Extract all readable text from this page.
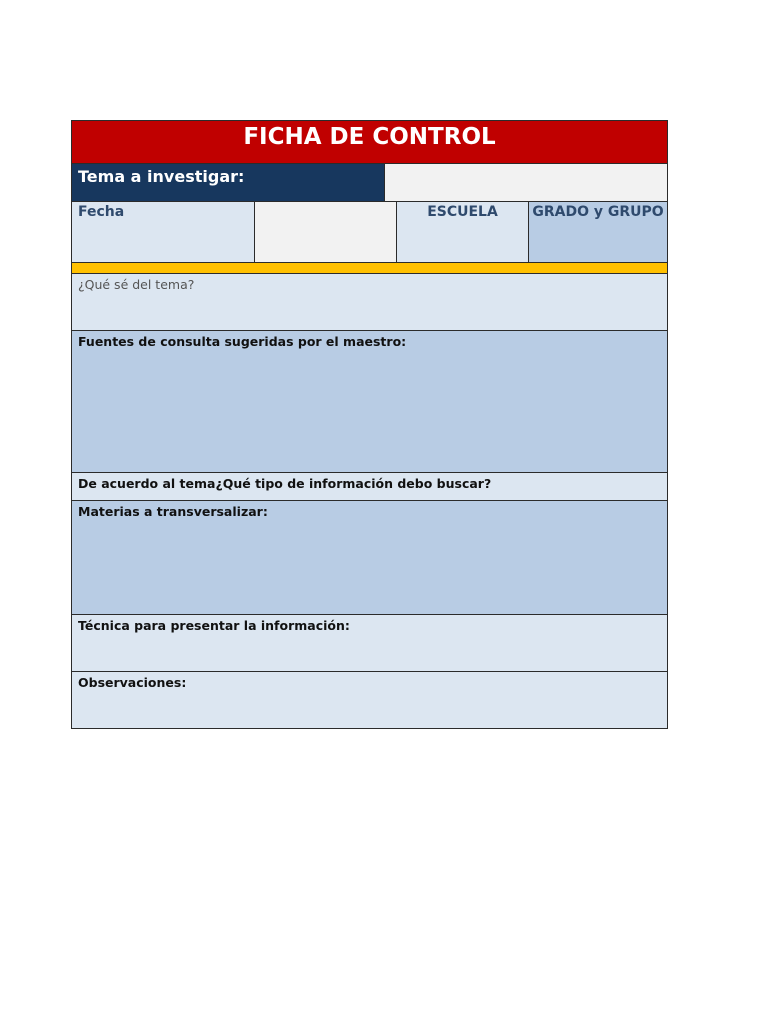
FICHA DE CONTROL
Tema a investigar:
Fecha	ESCUELA	GRADO y GRUPO
¿Qué sé del tema?
Fuentes de consulta sugeridas por el maestro:
De acuerdo al tema¿Qué tipo de información debo buscar?
Materias a transversalizar:
Técnica para presentar la información:
Observaciones:
